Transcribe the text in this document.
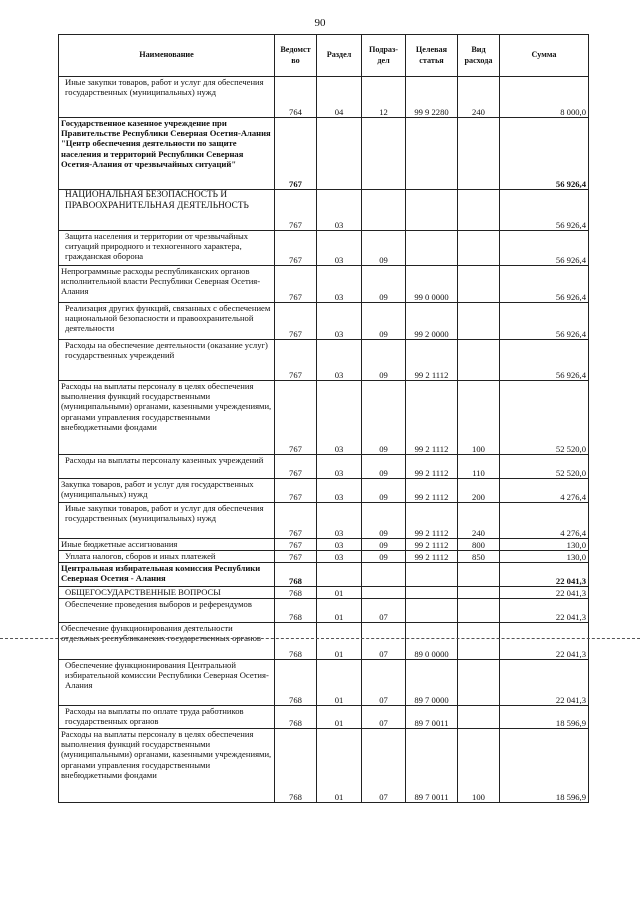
90
Наименование	Ведомст во	Раздел	Подраз- дел	Целевая статья	Вид расхода	Сумма
Иные закупки товаров, работ и услуг для обеспечения государственных (муниципальных) нужд	764	04	12	99 9 2280	240	8 000,0
Государственное казенное учреждение при Правительстве Республики Северная Осетия-Алания "Центр обеспечения деятельности по защите населения и территорий Республики Северная Осетия-Алания от чрезвычайных ситуаций"	767					56 926,4
НАЦИОНАЛЬНАЯ БЕЗОПАСНОСТЬ И ПРАВООХРАНИТЕЛЬНАЯ ДЕЯТЕЛЬНОСТЬ	767	03				56 926,4
Защита населения и территории от чрезвычайных ситуаций природного и техногенного характера, гражданская оборона	767	03	09			56 926,4
Непрограммные расходы республиканских органов исполнительной власти Республики Северная Осетия-Алания	767	03	09	99 0 0000		56 926,4
Реализация других функций, связанных с обеспечением национальной безопасности и правоохранительной деятельности	767	03	09	99 2 0000		56 926,4
Расходы на обеспечение деятельности (оказание услуг) государственных учреждений	767	03	09	99 2 1112		56 926,4
Расходы на выплаты персоналу в целях обеспечения выполнения функций государственными (муниципальными) органами, казенными учреждениями, органами управления государственными внебюджетными фондами	767	03	09	99 2 1112	100	52 520,0
Расходы на выплаты персоналу казенных учреждений	767	03	09	99 2 1112	110	52 520,0
Закупка товаров, работ и услуг для государственных (муниципальных) нужд	767	03	09	99 2 1112	200	4 276,4
Иные закупки товаров, работ и услуг для обеспечения государственных (муниципальных) нужд	767	03	09	99 2 1112	240	4 276,4
Иные бюджетные ассигнования	767	03	09	99 2 1112	800	130,0
Уплата налогов, сборов и иных платежей	767	03	09	99 2 1112	850	130,0
Центральная избирательная комиссия Республики Северная Осетия - Алания	768					22 041,3
ОБЩЕГОСУДАРСТВЕННЫЕ ВОПРОСЫ	768	01				22 041,3
Обеспечение проведения выборов и референдумов	768	01	07			22 041,3
Обеспечение функционирования деятельности отдельных республиканских государственных органов	768	01	07	89 0 0000		22 041,3
Обеспечение функционирования Центральной избирательной комиссии Республики Северная Осетия-Алания	768	01	07	89 7 0000		22 041,3
Расходы на выплаты по оплате труда работников государственных органов	768	01	07	89 7 0011		18 596,9
Расходы на выплаты персоналу в целях обеспечения выполнения функций государственными (муниципальными) органами, казенными учреждениями, органами управления государственными внебюджетными фондами	768	01	07	89 7 0011	100	18 596,9
